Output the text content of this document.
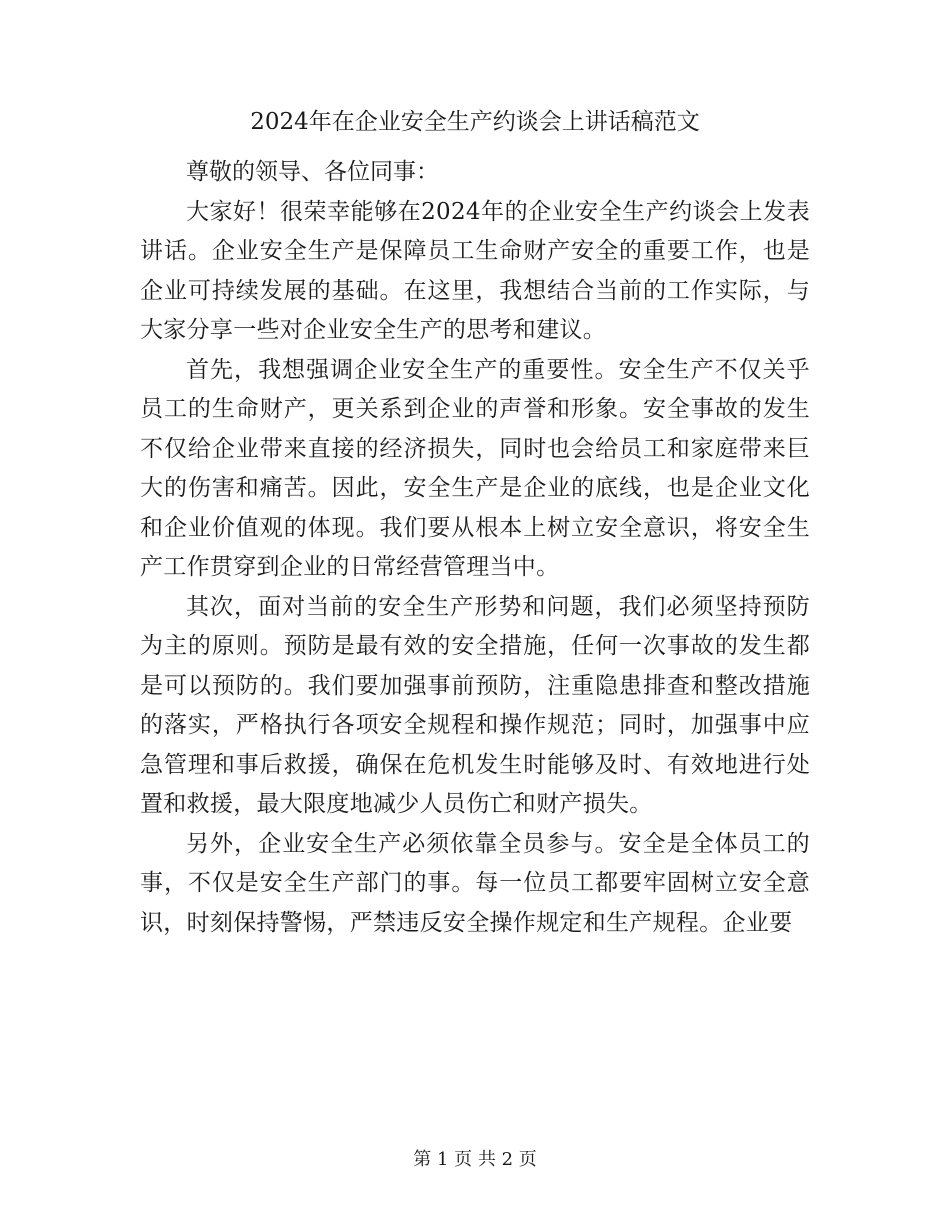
2024年在企业安全生产约谈会上讲话稿范文

尊敬的领导、各位同事：

大家好！很荣幸能够在2024年的企业安全生产约谈会上发表讲话。企业安全生产是保障员工生命财产安全的重要工作，也是企业可持续发展的基础。在这里，我想结合当前的工作实际，与大家分享一些对企业安全生产的思考和建议。

首先，我想强调企业安全生产的重要性。安全生产不仅关乎员工的生命财产，更关系到企业的声誉和形象。安全事故的发生不仅给企业带来直接的经济损失，同时也会给员工和家庭带来巨大的伤害和痛苦。因此，安全生产是企业的底线，也是企业文化和企业价值观的体现。我们要从根本上树立安全意识，将安全生产工作贯穿到企业的日常经营管理当中。

其次，面对当前的安全生产形势和问题，我们必须坚持预防为主的原则。预防是最有效的安全措施，任何一次事故的发生都是可以预防的。我们要加强事前预防，注重隐患排查和整改措施的落实，严格执行各项安全规程和操作规范；同时，加强事中应急管理和事后救援，确保在危机发生时能够及时、有效地进行处置和救援，最大限度地减少人员伤亡和财产损失。

另外，企业安全生产必须依靠全员参与。安全是全体员工的事，不仅是安全生产部门的事。每一位员工都要牢固树立安全意识，时刻保持警惕，严禁违反安全操作规定和生产规程。企业要

第 1 页 共 2 页
